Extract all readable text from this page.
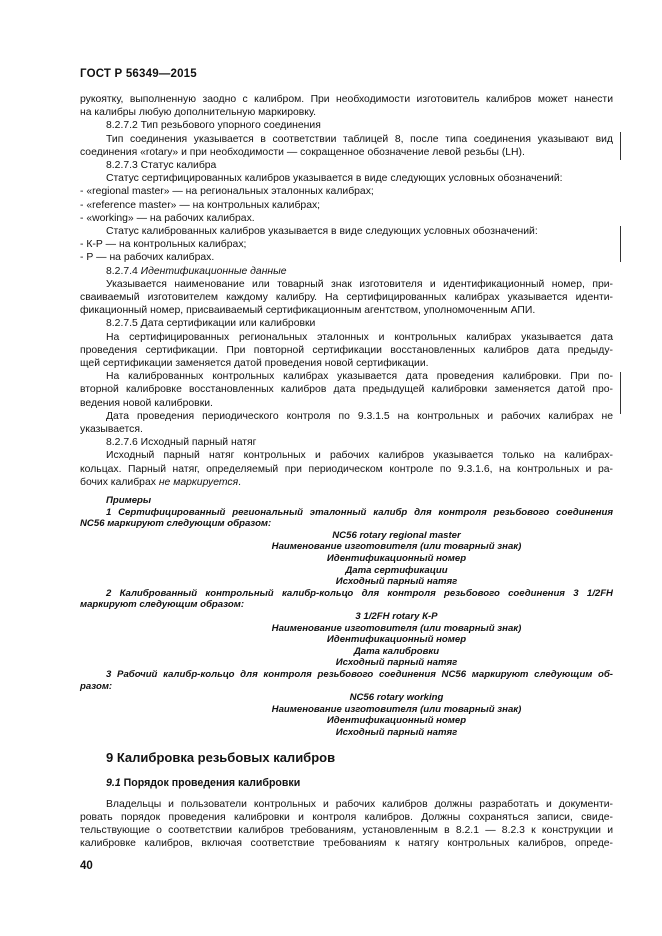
ГОСТ Р 56349—2015

рукоятку, выполненную заодно с калибром. При необходимости изготовитель калибров может нанести

на калибры любую дополнительную маркировку.

8.2.7.2 Тип резьбового упорного соединения

Тип соединения указывается в соответствии таблицей 8, после типа соединения указывают вид

соединения «rotary» и при необходимости — сокращенное обозначение левой резьбы (LH).

8.2.7.3 Статус калибра

Статус сертифицированных калибров указывается в виде следующих условных обозначений:

- «regional master» — на региональных эталонных калибрах;

- «reference master» — на контрольных калибрах;

- «working» — на рабочих калибрах.

Статус калиброванных калибров указывается в виде следующих условных обозначений:

- К-Р — на контрольных калибрах;

- Р — на рабочих калибрах.

8.2.7.4 Идентификационные данные

Указывается наименование или товарный знак изготовителя и идентификационный номер, при-

сваиваемый изготовителем каждому калибру. На сертифицированных калибрах указывается иденти-

фикационный номер, присваиваемый сертификационным агентством, уполномоченным АПИ.

8.2.7.5 Дата сертификации или калибровки

На сертифицированных региональных эталонных и контрольных калибрах указывается дата

проведения сертификации. При повторной сертификации восстановленных калибров дата предыду-

щей сертификации заменяется датой проведения новой сертификации.

На калиброванных контрольных калибрах указывается дата проведения калибровки. При по-

вторной калибровке восстановленных калибров дата предыдущей калибровки заменяется датой про-

ведения новой калибровки.

Дата проведения периодического контроля по 9.3.1.5 на контрольных и рабочих калибрах не

указывается.

8.2.7.6 Исходный парный натяг

Исходный парный натяг контрольных и рабочих калибров указывается только на калибрах-

кольцах. Парный натяг, определяемый при периодическом контроле по 9.3.1.6, на контрольных и ра-

бочих калибрах не маркируется.

Примеры

1 Сертифицированный региональный эталонный калибр для контроля резьбового соединения

NC56 маркируют следующим образом:

NC56 rotary regional master

Наименование изготовителя (или товарный знак)

Идентификационный номер

Дата сертификации

Исходный парный натяг

2 Калиброванный контрольный калибр-кольцо для контроля резьбового соединения 3 1/2FH

маркируют следующим образом:

3 1/2FH rotary К-Р

Наименование изготовителя (или товарный знак)

Идентификационный номер

Дата калибровки

Исходный парный натяг

3 Рабочий калибр-кольцо для контроля резьбового соединения NC56 маркируют следующим об-

разом:

NC56 rotary working

Наименование изготовителя (или товарный знак)

Идентификационный номер

Исходный парный натяг

9 Калибровка резьбовых калибров

9.1 Порядок проведения калибровки

Владельцы и пользователи контрольных и рабочих калибров должны разработать и документи-

ровать порядок проведения калибровки и контроля калибров. Должны сохраняться записи, свиде-

тельствующие о соответствии калибров требованиям, установленным в 8.2.1 — 8.2.3 к конструкции и

калибровке калибров, включая соответствие требованиям к натягу контрольных калибров, опреде-

40
